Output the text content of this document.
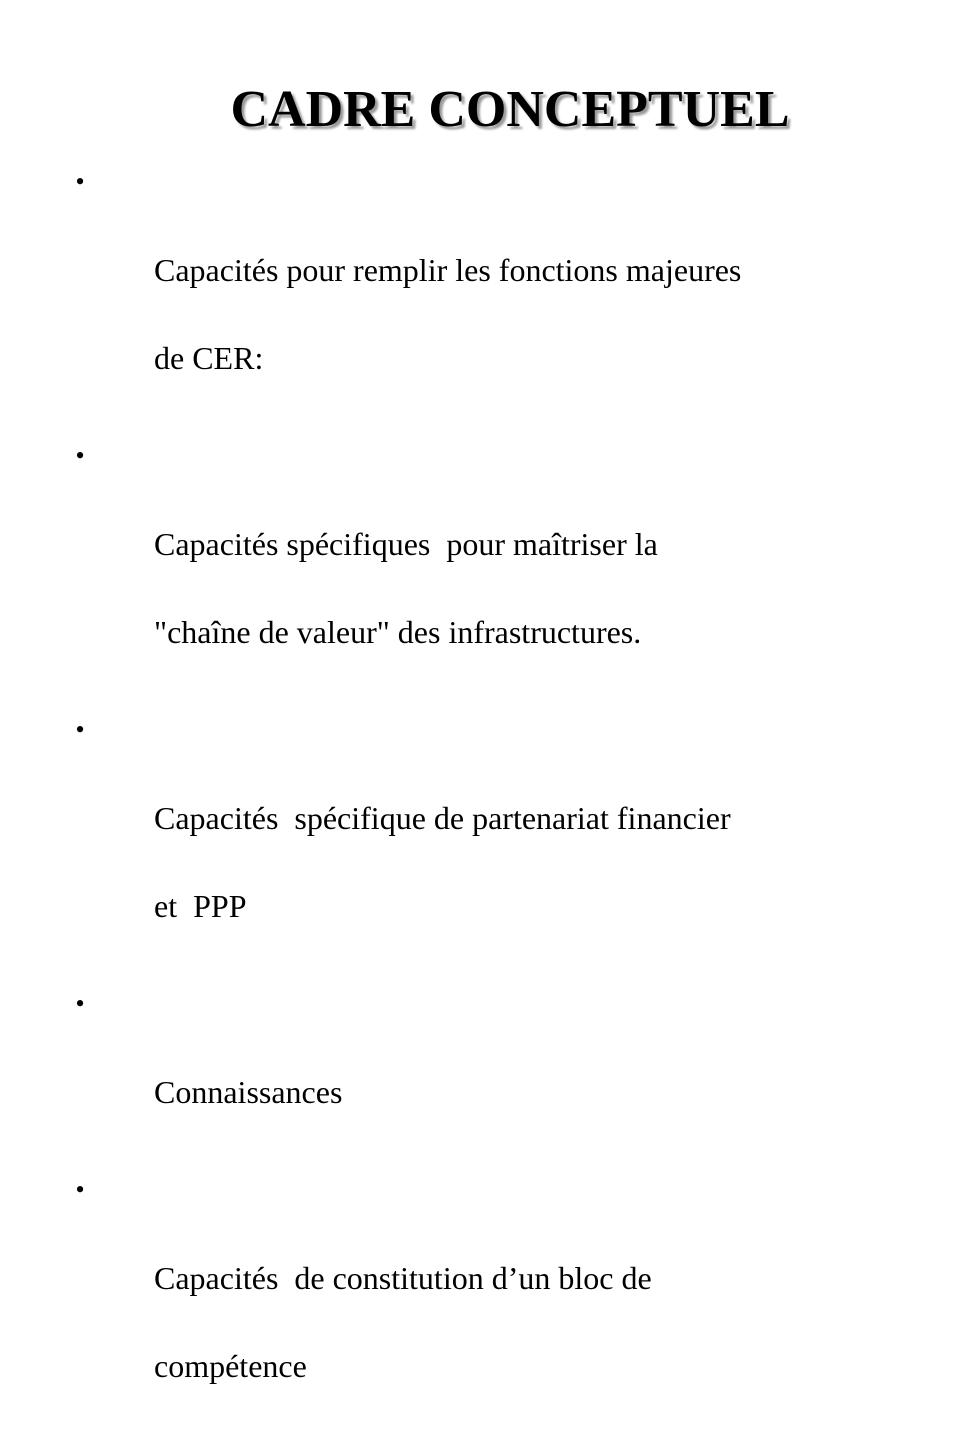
CADRE CONCEPTUEL

•

Capacités pour remplir les fonctions majeures

de CER:

•

Capacités spécifiques  pour maîtriser la

"chaîne de valeur" des infrastructures.

•

Capacités  spécifique de partenariat financier

et  PPP

•

Connaissances

•

Capacités  de constitution d’un bloc de

compétence
